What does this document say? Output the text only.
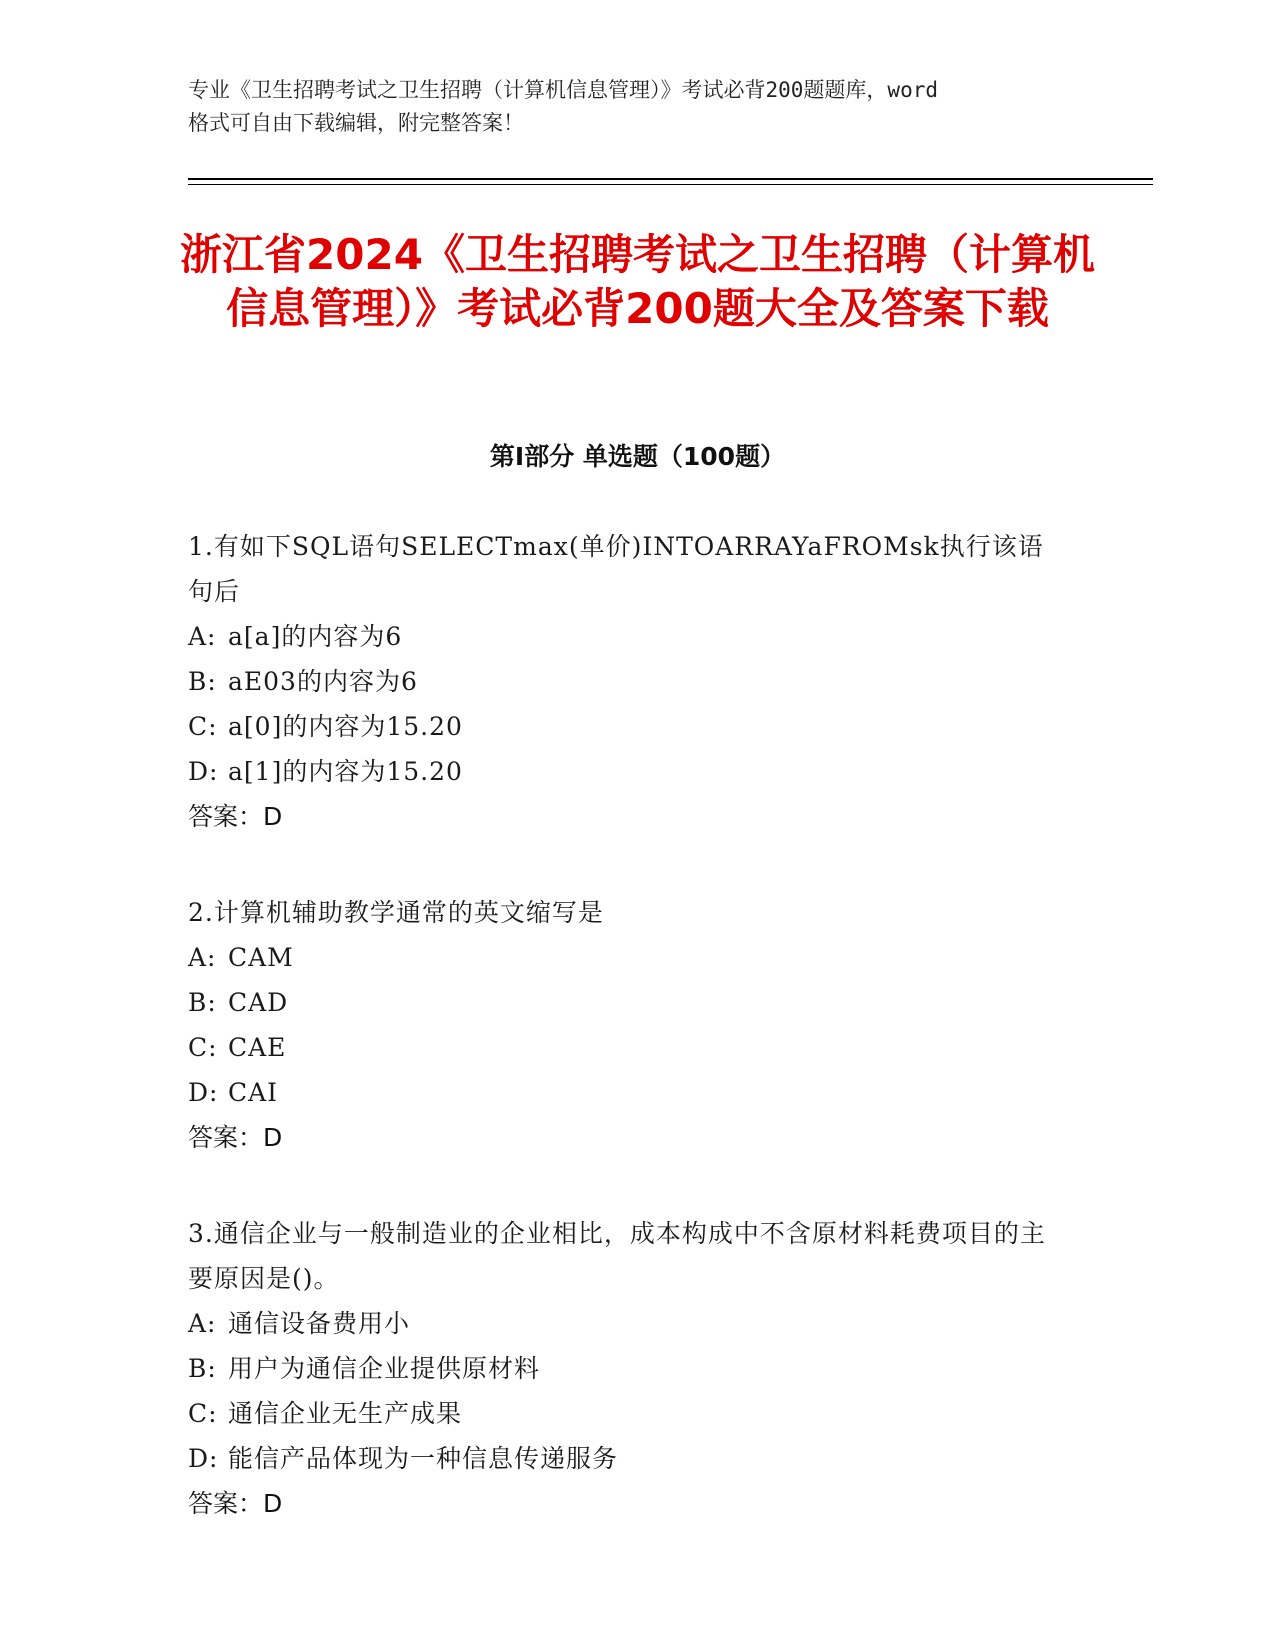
专业《卫生招聘考试之卫生招聘（计算机信息管理）》考试必背200题题库，word
格式可自由下载编辑，附完整答案！
浙江省2024《卫生招聘考试之卫生招聘（计算机信息管理）》考试必背200题大全及答案下载
第Ⅰ部分 单选题（100题）
1.有如下SQL语句SELECTmax(单价)INTOARRAYaFROMsk执行该语句后
A: a[a]的内容为6
B: aE03的内容为6
C: a[0]的内容为15.20
D: a[1]的内容为15.20
答案：D
2.计算机辅助教学通常的英文缩写是
A: CAM
B: CAD
C: CAE
D: CAI
答案：D
3.通信企业与一般制造业的企业相比，成本构成中不含原材料耗费项目的主要原因是()。
A: 通信设备费用小
B: 用户为通信企业提供原材料
C: 通信企业无生产成果
D: 能信产品体现为一种信息传递服务
答案：D
